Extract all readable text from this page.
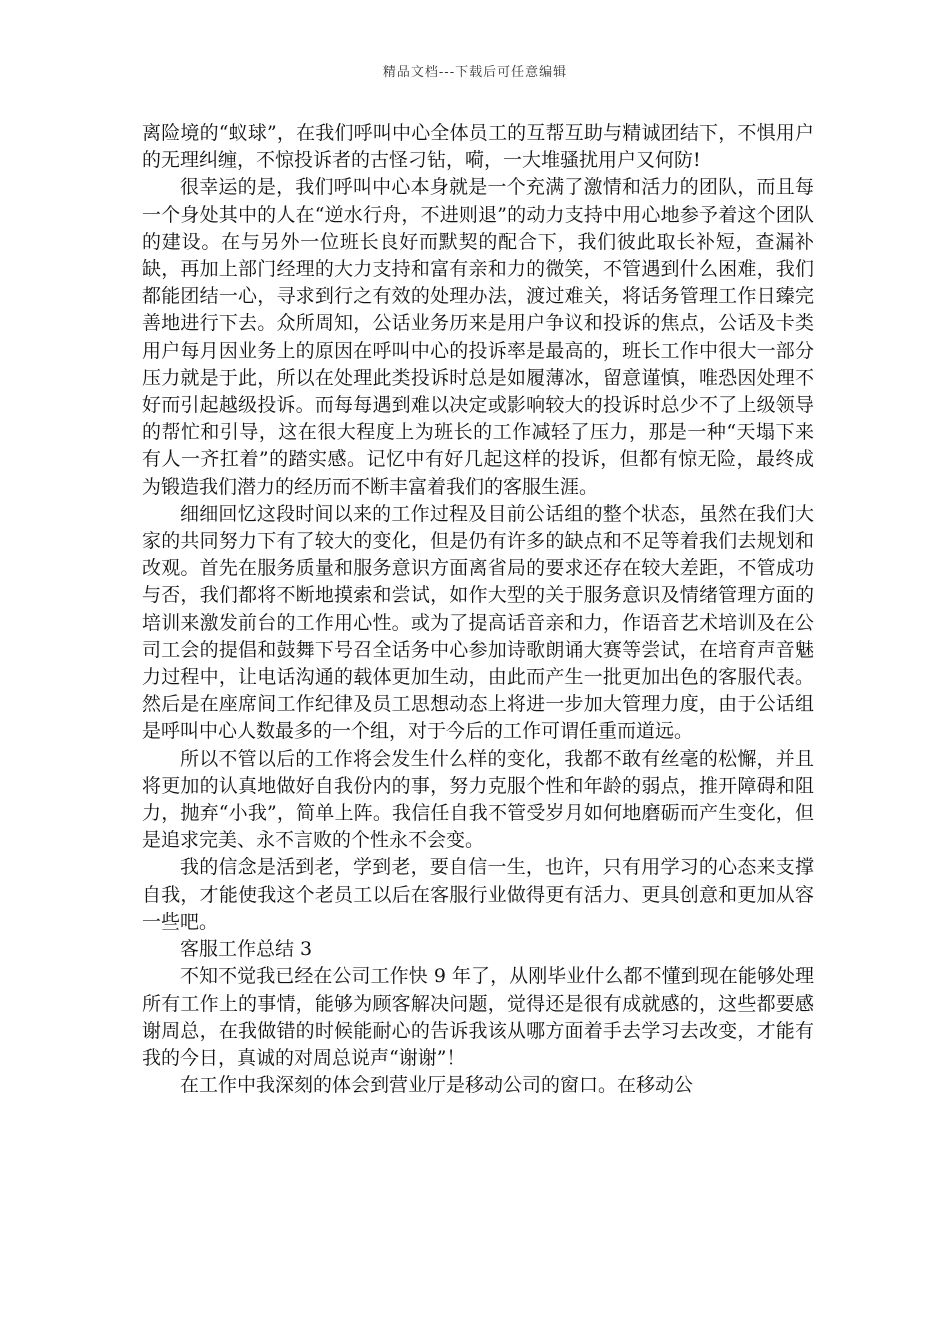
精品文档---下载后可任意编辑

离险境的“蚁球”，在我们呼叫中心全体员工的互帮互助与精诚团结下，不惧用户的无理纠缠，不惊投诉者的古怪刁钻，嗬，一大堆骚扰用户又何防!

很幸运的是，我们呼叫中心本身就是一个充满了激情和活力的团队，而且每一个身处其中的人在“逆水行舟，不进则退”的动力支持中用心地参予着这个团队的建设。在与另外一位班长良好而默契的配合下，我们彼此取长补短，查漏补缺，再加上部门经理的大力支持和富有亲和力的微笑，不管遇到什么困难，我们都能团结一心，寻求到行之有效的处理办法，渡过难关，将话务管理工作日臻完善地进行下去。众所周知，公话业务历来是用户争议和投诉的焦点，公话及卡类用户每月因业务上的原因在呼叫中心的投诉率是最高的，班长工作中很大一部分压力就是于此，所以在处理此类投诉时总是如履薄冰，留意谨慎，唯恐因处理不好而引起越级投诉。而每每遇到难以决定或影响较大的投诉时总少不了上级领导的帮忙和引导，这在很大程度上为班长的工作减轻了压力，那是一种“天塌下来有人一齐扛着”的踏实感。记忆中有好几起这样的投诉，但都有惊无险，最终成为锻造我们潜力的经历而不断丰富着我们的客服生涯。

细细回忆这段时间以来的工作过程及目前公话组的整个状态，虽然在我们大家的共同努力下有了较大的变化，但是仍有许多的缺点和不足等着我们去规划和改观。首先在服务质量和服务意识方面离省局的要求还存在较大差距，不管成功与否，我们都将不断地摸索和尝试，如作大型的关于服务意识及情绪管理方面的培训来激发前台的工作用心性。或为了提高话音亲和力，作语音艺术培训及在公司工会的提倡和鼓舞下号召全话务中心参加诗歌朗诵大赛等尝试，在培育声音魅力过程中，让电话沟通的载体更加生动，由此而产生一批更加出色的客服代表。然后是在座席间工作纪律及员工思想动态上将进一步加大管理力度，由于公话组是呼叫中心人数最多的一个组，对于今后的工作可谓任重而道远。

所以不管以后的工作将会发生什么样的变化，我都不敢有丝毫的松懈，并且将更加的认真地做好自我份内的事，努力克服个性和年龄的弱点，推开障碍和阻力，抛弃“小我”，简单上阵。我信任自我不管受岁月如何地磨砺而产生变化，但是追求完美、永不言败的个性永不会变。

我的信念是活到老，学到老，要自信一生，也许，只有用学习的心态来支撑自我，才能使我这个老员工以后在客服行业做得更有活力、更具创意和更加从容一些吧。

客服工作总结 3

不知不觉我已经在公司工作快 9 年了，从刚毕业什么都不懂到现在能够处理所有工作上的事情，能够为顾客解决问题，觉得还是很有成就感的，这些都要感谢周总，在我做错的时候能耐心的告诉我该从哪方面着手去学习去改变，才能有我的今日，真诚的对周总说声“谢谢”！

在工作中我深刻的体会到营业厅是移动公司的窗口。在移动公
